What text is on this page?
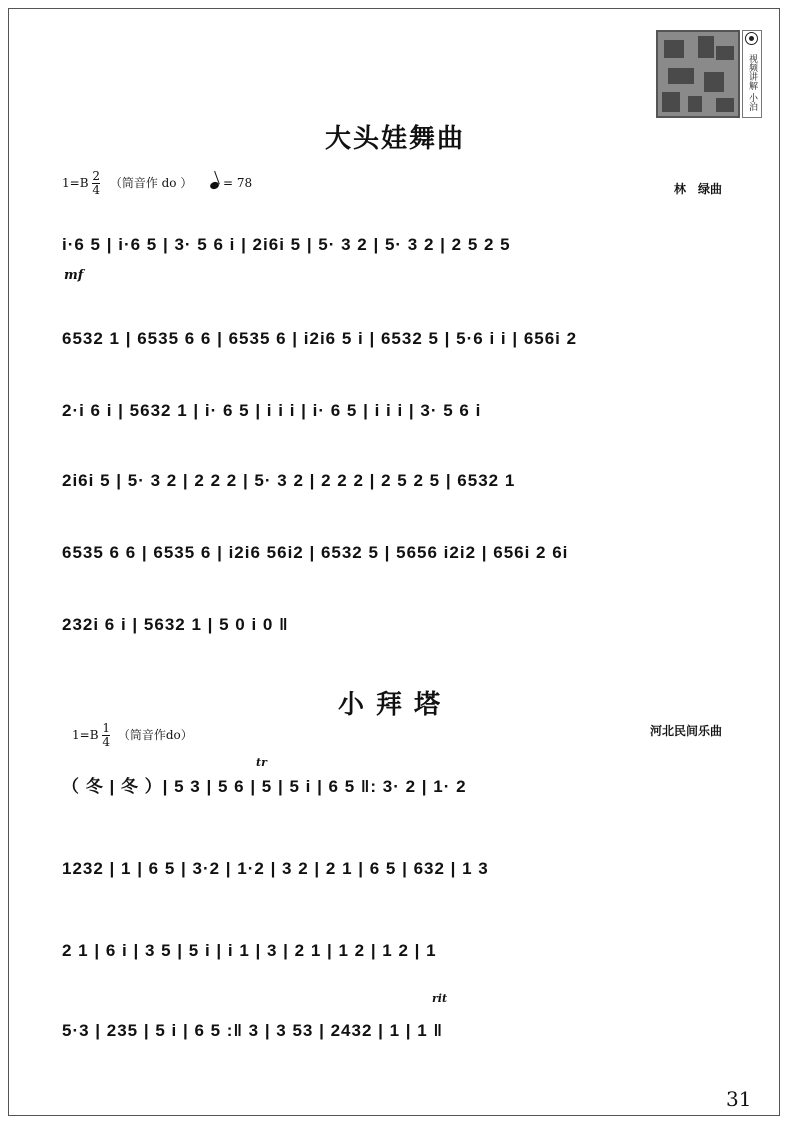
视频讲解 小泊
大头娃舞曲
$1=B \frac{2}{4}$ （筒音作 do ）	= 78	林　绿曲
i·6 5 | i·6 5 | 3· 5 6 i | 2i6i 5 | 5· 3 2 | 5· 3 2 | 2 5 2 5
mf
6532 1 | 6535 6 6 | 6535 6 | i2i6 5 i | 6532 5 | 5·6 i i | 656i 2
2·i 6 i | 5632 1 | i· 6 5 | i i i | i· 6 5 | i i i | 3· 5 6 i
2i6i 5 | 5· 3 2 | 2 2 2 | 5· 3 2 | 2 2 2 | 2 5 2 5 | 6532 1
6535 6 6 | 6535 6 | i2i6 56i2 | 6532 5 | 5656 i2i2 | 656i 2 6i
232i 6 i | 5632 1 | 5 0 i 0 ‖
小拜塔
$1=B \frac{1}{4}$ （筒音作do）	河北民间乐曲
tr
（ 冬 | 冬 ）| 5 3 | 5 6 | 5 | 5 i | 6 5 ‖: 3· 2 | 1· 2
1232 | 1 | 6 5 | 3·2 | 1·2 | 3 2 | 2 1 | 6 5 | 632 | 1 3
2 1 | 6 i | 3 5 | 5 i | i 1 | 3 | 2 1 | 1 2 | 1 2 | 1
rit
5·3 | 235 | 5 i | 6 5 :‖ 3 | 3 53 | 2432 | 1 | 1 ‖
31
